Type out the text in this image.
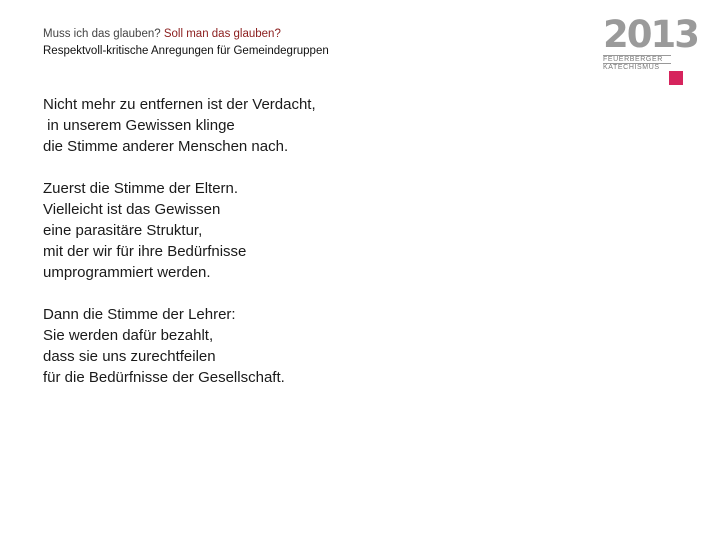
Muss ich das glauben? Soll man das glauben?
Respektvoll-kritische Anregungen für Gemeindegruppen	2013
FEUERBERGER
KATECHISMUS
Nicht mehr zu entfernen ist der Verdacht,
in unserem Gewissen klinge
die Stimme anderer Menschen nach.
Zuerst die Stimme der Eltern.
Vielleicht ist das Gewissen
eine parasitäre Struktur,
mit der wir für ihre Bedürfnisse
umprogrammiert werden.
Dann die Stimme der Lehrer:
Sie werden dafür bezahlt,
dass sie uns zurechtfeilen
für die Bedürfnisse der Gesellschaft.
